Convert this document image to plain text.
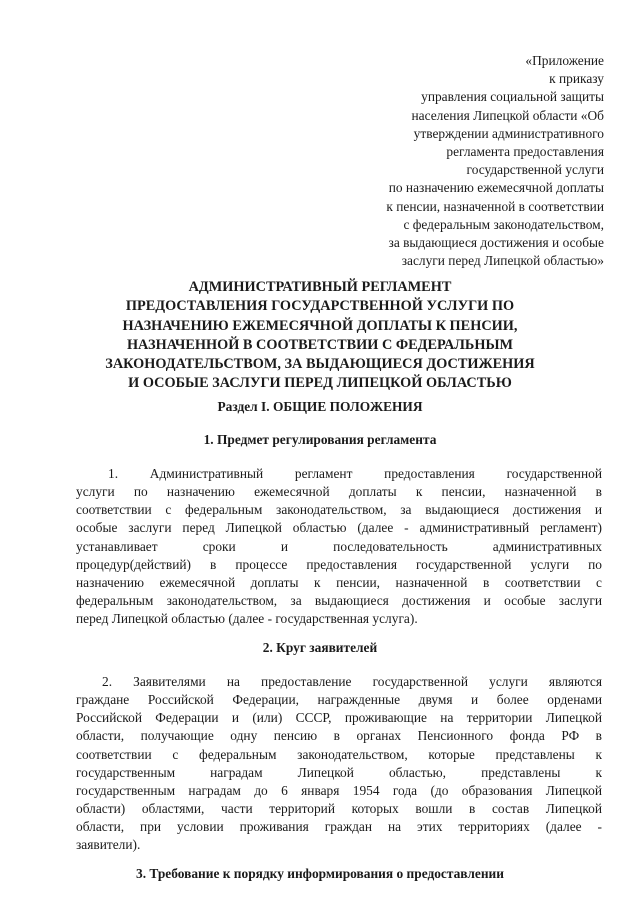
«Приложение
к приказу
управления социальной защиты
населения Липецкой области «Об
утверждении административного
регламента предоставления
государственной услуги
по назначению ежемесячной доплаты
к пенсии, назначенной в соответствии
с федеральным законодательством,
за выдающиеся достижения и особые
заслуги перед Липецкой областью»
АДМИНИСТРАТИВНЫЙ РЕГЛАМЕНТ
ПРЕДОСТАВЛЕНИЯ ГОСУДАРСТВЕННОЙ УСЛУГИ ПО
НАЗНАЧЕНИЮ ЕЖЕМЕСЯЧНОЙ ДОПЛАТЫ К ПЕНСИИ,
НАЗНАЧЕННОЙ В СООТВЕТСТВИИ С ФЕДЕРАЛЬНЫМ
ЗАКОНОДАТЕЛЬСТВОМ, ЗА ВЫДАЮЩИЕСЯ ДОСТИЖЕНИЯ
И ОСОБЫЕ ЗАСЛУГИ ПЕРЕД ЛИПЕЦКОЙ ОБЛАСТЬЮ
Раздел I. ОБЩИЕ ПОЛОЖЕНИЯ
1. Предмет регулирования регламента
1. Административный регламент предоставления государственной
услуги по назначению ежемесячной доплаты к пенсии, назначенной в
соответствии с федеральным законодательством, за выдающиеся достижения и
особые заслуги перед Липецкой областью (далее - административный регламент)
устанавливает сроки и последовательность административных
процедур(действий) в процессе предоставления государственной услуги по
назначению ежемесячной доплаты к пенсии, назначенной в соответствии с
федеральным законодательством, за выдающиеся достижения и особые заслуги
перед Липецкой областью (далее - государственная услуга).
2. Круг заявителей
2. Заявителями на предоставление государственной услуги являются
граждане Российской Федерации, награжденные двумя и более орденами
Российской Федерации и (или) СССР, проживающие на территории Липецкой
области, получающие одну пенсию в органах Пенсионного фонда РФ в
соответствии с федеральным законодательством, которые представлены к
государственным наградам Липецкой областью, представлены к
государственным наградам до 6 января 1954 года (до образования Липецкой
области) областями, части территорий которых вошли в состав Липецкой
области, при условии проживания граждан на этих территориях (далее -
заявители).
3. Требование к порядку информирования о предоставлении
